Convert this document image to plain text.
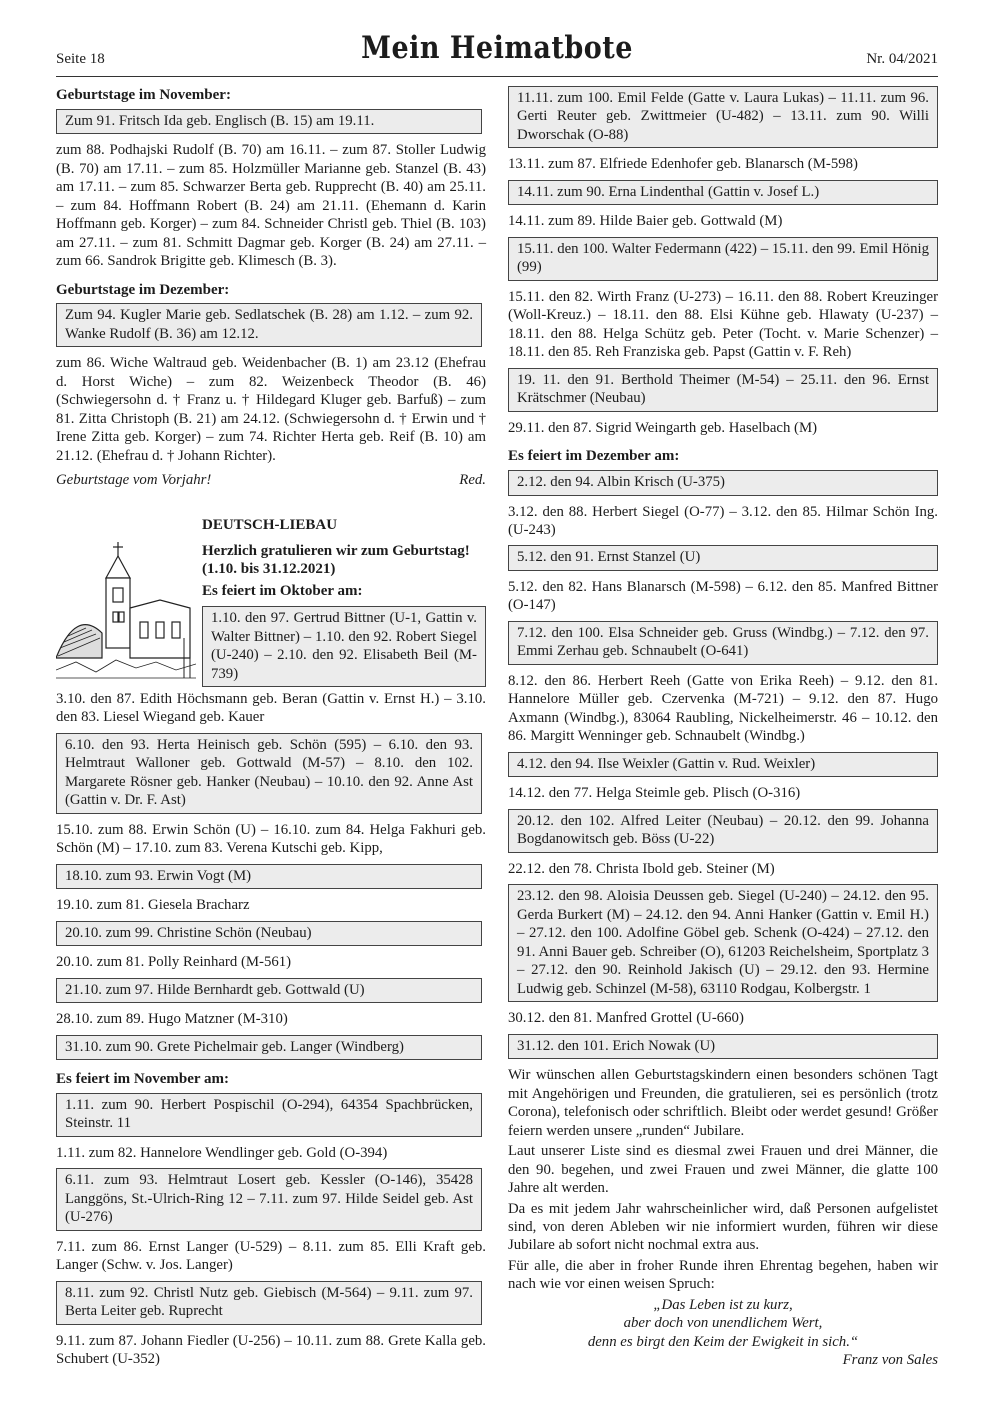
Seite 18	Mein Heimatbote	Nr. 04/2021
Geburtstage im November:
Zum 91. Fritsch Ida geb. Englisch (B. 15) am 19.11.

zum 88. Podhajski Rudolf (B. 70) am 16.11. – zum 87. Stoller Ludwig (B. 70) am 17.11. – zum 85. Holzmüller Marianne geb. Stanzel (B. 43) am 17.11. – zum 85. Schwarzer Berta geb. Rupprecht (B. 40) am 25.11. – zum 84. Hoffmann Robert (B. 24) am 21.11. (Ehemann d. Karin Hoffmann geb. Korger) – zum 84. Schneider Christl geb. Thiel (B. 103) am 27.11. – zum 81. Schmitt Dagmar geb. Korger (B. 24) am 27.11. – zum 66. Sandrok Brigitte geb. Klimesch (B. 3).

Geburtstage im Dezember:
Zum 94. Kugler Marie geb. Sedlatschek (B. 28) am 1.12. – zum 92. Wanke Rudolf (B. 36) am 12.12.

zum 86. Wiche Waltraud geb. Weidenbacher (B. 1) am 23.12 (Ehefrau d. Horst Wiche) – zum 82. Weizenbeck Theodor (B. 46) (Schwiegersohn d. † Franz u. † Hildegard Kluger geb. Barfuß) – zum 81. Zitta Christoph (B. 21) am 24.12. (Schwiegersohn d. † Erwin und † Irene Zitta geb. Korger) – zum 74. Richter Herta geb. Reif (B. 10) am 21.12. (Ehefrau d. † Johann Richter).

Geburtstage vom Vorjahr!	Red.
DEUTSCH-LIEBAU
Herzlich gratulieren wir zum Geburtstag! (1.10. bis 31.12.2021)
Es feiert im Oktober am:
1.10. den 97. Gertrud Bittner (U-1, Gattin v. Walter Bittner) – 1.10. den 92. Robert Siegel (U-240) – 2.10. den 92. Elisabeth Beil (M-739)

3.10. den 87. Edith Höchsmann geb. Beran (Gattin v. Ernst H.) – 3.10. den 83. Liesel Wiegand geb. Kauer

6.10. den 93. Herta Heinisch geb. Schön (595) – 6.10. den 93. Helmtraut Walloner geb. Gottwald (M-57) – 8.10. den 102. Margarete Rösner geb. Hanker (Neubau) – 10.10. den 92. Anne Ast (Gattin v. Dr. F. Ast)

15.10. zum 88. Erwin Schön (U) – 16.10. zum 84. Helga Fakhuri geb. Schön (M) – 17.10. zum 83. Verena Kutschi geb. Kipp,

18.10. zum 93. Erwin Vogt (M)

19.10. zum 81. Giesela Bracharz

20.10. zum 99. Christine Schön (Neubau)

20.10. zum 81. Polly Reinhard (M-561)

21.10. zum 97. Hilde Bernhardt geb. Gottwald (U)

28.10. zum 89. Hugo Matzner (M-310)

31.10. zum 90. Grete Pichelmair geb. Langer (Windberg)
Es feiert im November am:
1.11. zum 90. Herbert Pospischil (O-294), 64354 Spachbrücken, Steinstr. 11

1.11. zum 82. Hannelore Wendlinger geb. Gold (O-394)

6.11. zum 93. Helmtraut Losert geb. Kessler (O-146), 35428 Langgöns, St.-Ulrich-Ring 12 – 7.11. zum 97. Hilde Seidel geb. Ast (U-276)

7.11. zum 86. Ernst Langer (U-529) – 8.11. zum 85. Elli Kraft geb. Langer (Schw. v. Jos. Langer)

8.11. zum 92. Christl Nutz geb. Giebisch (M-564) – 9.11. zum 97. Berta Leiter geb. Ruprecht

9.11. zum 87. Johann Fiedler (U-256) – 10.11. zum 88. Grete Kalla geb. Schubert (U-352)

11.11. zum 100. Emil Felde (Gatte v. Laura Lukas) – 11.11. zum 96. Gerti Reuter geb. Zwittmeier (U-482) – 13.11. zum 90. Willi Dworschak (O-88)

13.11. zum 87. Elfriede Edenhofer geb. Blanarsch (M-598)

14.11. zum 90. Erna Lindenthal (Gattin v. Josef L.)

14.11. zum 89. Hilde Baier geb. Gottwald (M)

15.11. den 100. Walter Federmann (422) – 15.11. den 99. Emil Hönig (99)

15.11. den 82. Wirth Franz (U-273) – 16.11. den 88. Robert Kreuzinger (Woll-Kreuz.) – 18.11. den 88. Elsi Kühne geb. Hlawaty (U-237) – 18.11. den 88. Helga Schütz geb. Peter (Tocht. v. Marie Schenzer) – 18.11. den 85. Reh Franziska geb. Papst (Gattin v. F. Reh)

19. 11. den 91. Berthold Theimer (M-54) – 25.11. den 96. Ernst Krätschmer (Neubau)

29.11. den 87. Sigrid Weingarth geb. Haselbach (M)

Es feiert im Dezember am:
2.12. den 94. Albin Krisch (U-375)

3.12. den 88. Herbert Siegel (O-77) – 3.12. den 85. Hilmar Schön Ing. (U-243)

5.12. den 91. Ernst Stanzel (U)

5.12. den 82. Hans Blanarsch (M-598) – 6.12. den 85. Manfred Bittner (O-147)

7.12. den 100. Elsa Schneider geb. Gruss (Windbg.) – 7.12. den 97. Emmi Zerhau geb. Schnaubelt (O-641)

8.12. den 86. Herbert Reeh (Gatte von Erika Reeh) – 9.12. den 81. Hannelore Müller geb. Czervenka (M-721) – 9.12. den 87. Hugo Axmann (Windbg.), 83064 Raubling, Nickelheimerstr. 46 – 10.12. den 86. Margitt Wenninger geb. Schnaubelt (Windbg.)

4.12. den 94. Ilse Weixler (Gattin v. Rud. Weixler)

14.12. den 77. Helga Steimle geb. Plisch (O-316)

20.12. den 102. Alfred Leiter (Neubau) – 20.12. den 99. Johanna Bogdanowitsch geb. Böss (U-22)

22.12. den 78. Christa Ibold geb. Steiner (M)

23.12. den 98. Aloisia Deussen geb. Siegel (U-240) – 24.12. den 95. Gerda Burkert (M) – 24.12. den 94. Anni Hanker (Gattin v. Emil H.) – 27.12. den 100. Adolfine Göbel geb. Schenk (O-424) – 27.12. den 91. Anni Bauer geb. Schreiber (O), 61203 Reichelsheim, Sportplatz 3 – 27.12. den 90. Reinhold Jakisch (U) – 29.12. den 93. Hermine Ludwig geb. Schinzel (M-58), 63110 Rodgau, Kolbergstr. 1

30.12. den 81. Manfred Grottel (U-660)

31.12. den 101. Erich Nowak (U)

Wir wünschen allen Geburtstagskindern einen besonders schönen Tagt mit Angehörigen und Freunden, die gratulieren, sei es persönlich (trotz Corona), telefonisch oder schriftlich. Bleibt oder werdet gesund! Größer feiern werden unsere „runden“ Jubilare.

Laut unserer Liste sind es diesmal zwei Frauen und drei Männer, die den 90. begehen, und zwei Frauen und zwei Männer, die glatte 100 Jahre alt werden.

Da es mit jedem Jahr wahrscheinlicher wird, daß Personen aufgelistet sind, von deren Ableben wir nie informiert wurden, führen wir diese Jubilare ab sofort nicht nochmal extra aus.

Für alle, die aber in froher Runde ihren Ehrentag begehen, haben wir nach wie vor einen weisen Spruch:

„Das Leben ist zu kurz,
aber doch von unendlichem Wert,
denn es birgt den Keim der Ewigkeit in sich.“
Franz von Sales
